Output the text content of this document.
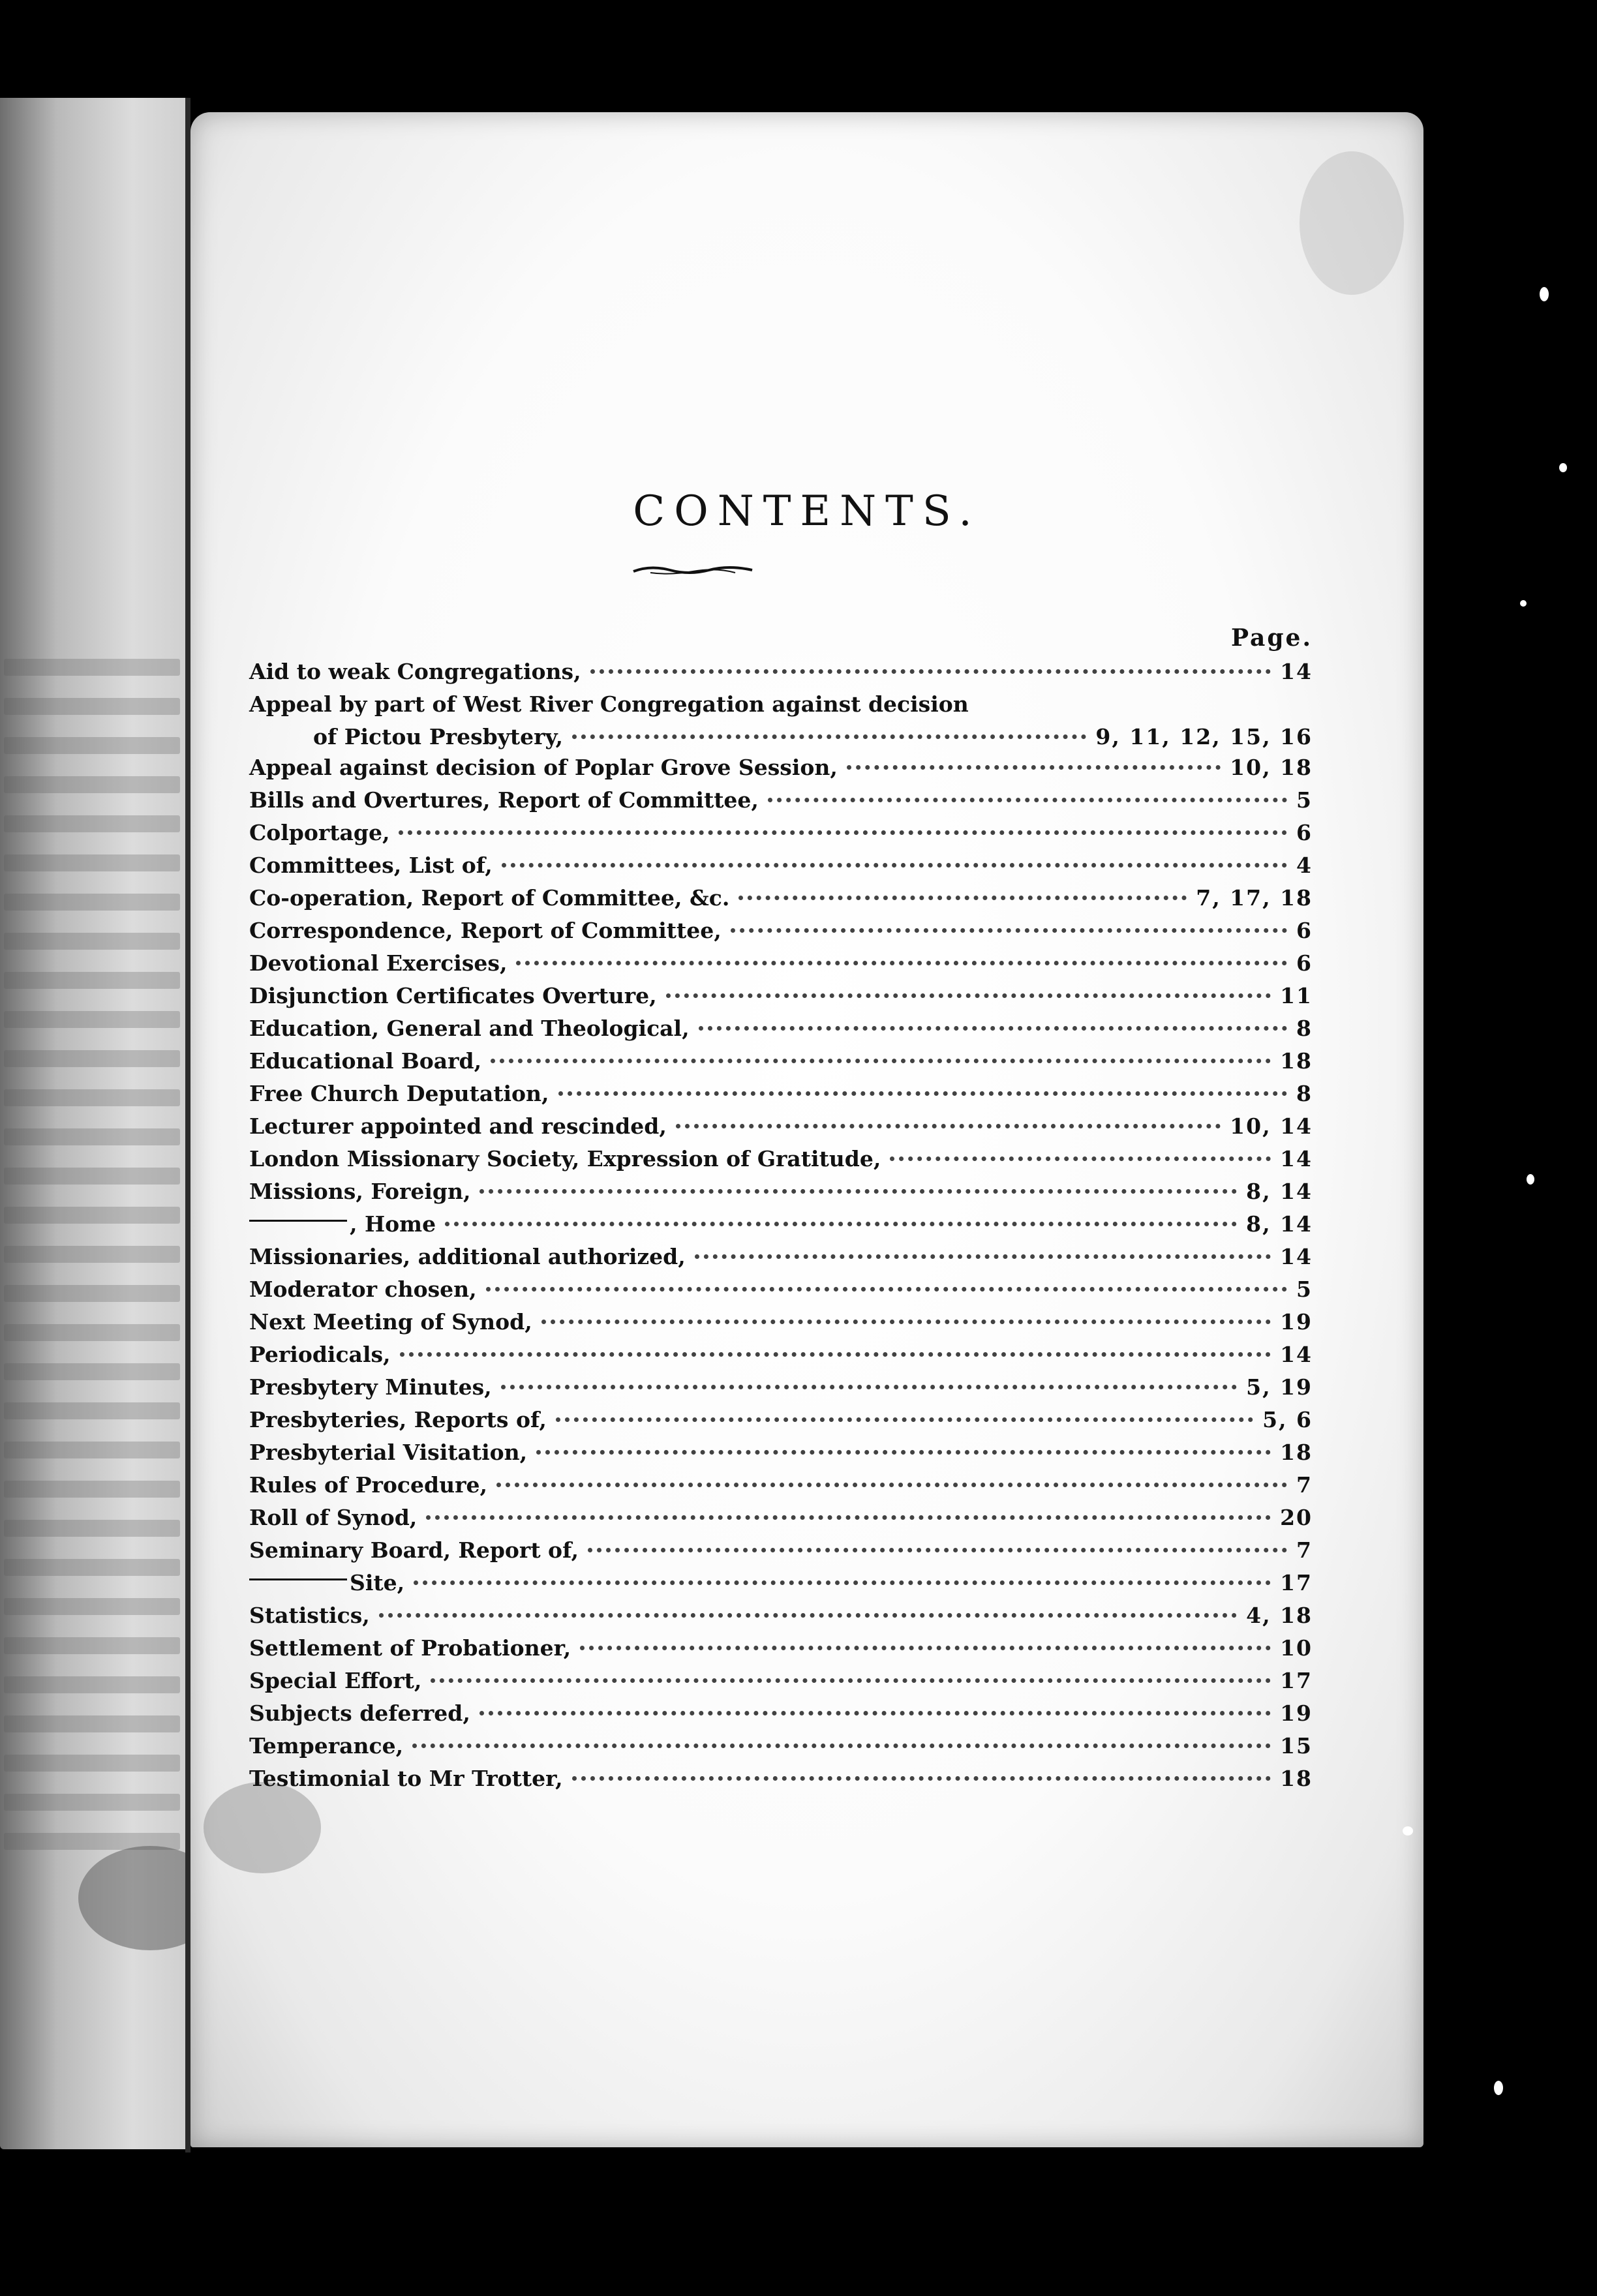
CONTENTS.
Page.
Aid to weak Congregations,	14
Appeal by part of West River Congregation against decision
of Pictou Presbytery,	9, 11, 12, 15, 16
Appeal against decision of Poplar Grove Session,	10, 18
Bills and Overtures, Report of Committee,	5
Colportage,	6
Committees, List of,	4
Co-operation, Report of Committee, &c.	7, 17, 18
Correspondence, Report of Committee,	6
Devotional Exercises,	6
Disjunction Certificates Overture,	11
Education, General and Theological,	8
Educational Board,	18
Free Church Deputation,	8
Lecturer appointed and rescinded,	10, 14
London Missionary Society, Expression of Gratitude,	14
Missions, Foreign,	8, 14
, Home	8, 14
Missionaries, additional authorized,	14
Moderator chosen,	5
Next Meeting of Synod,	19
Periodicals,	14
Presbytery Minutes,	5, 19
Presbyteries, Reports of,	5, 6
Presbyterial Visitation,	18
Rules of Procedure,	7
Roll of Synod,	20
Seminary Board, Report of,	7
Site,	17
Statistics,	4, 18
Settlement of Probationer,	10
Special Effort,	17
Subjects deferred,	19
Temperance,	15
Testimonial to Mr Trotter,	18
